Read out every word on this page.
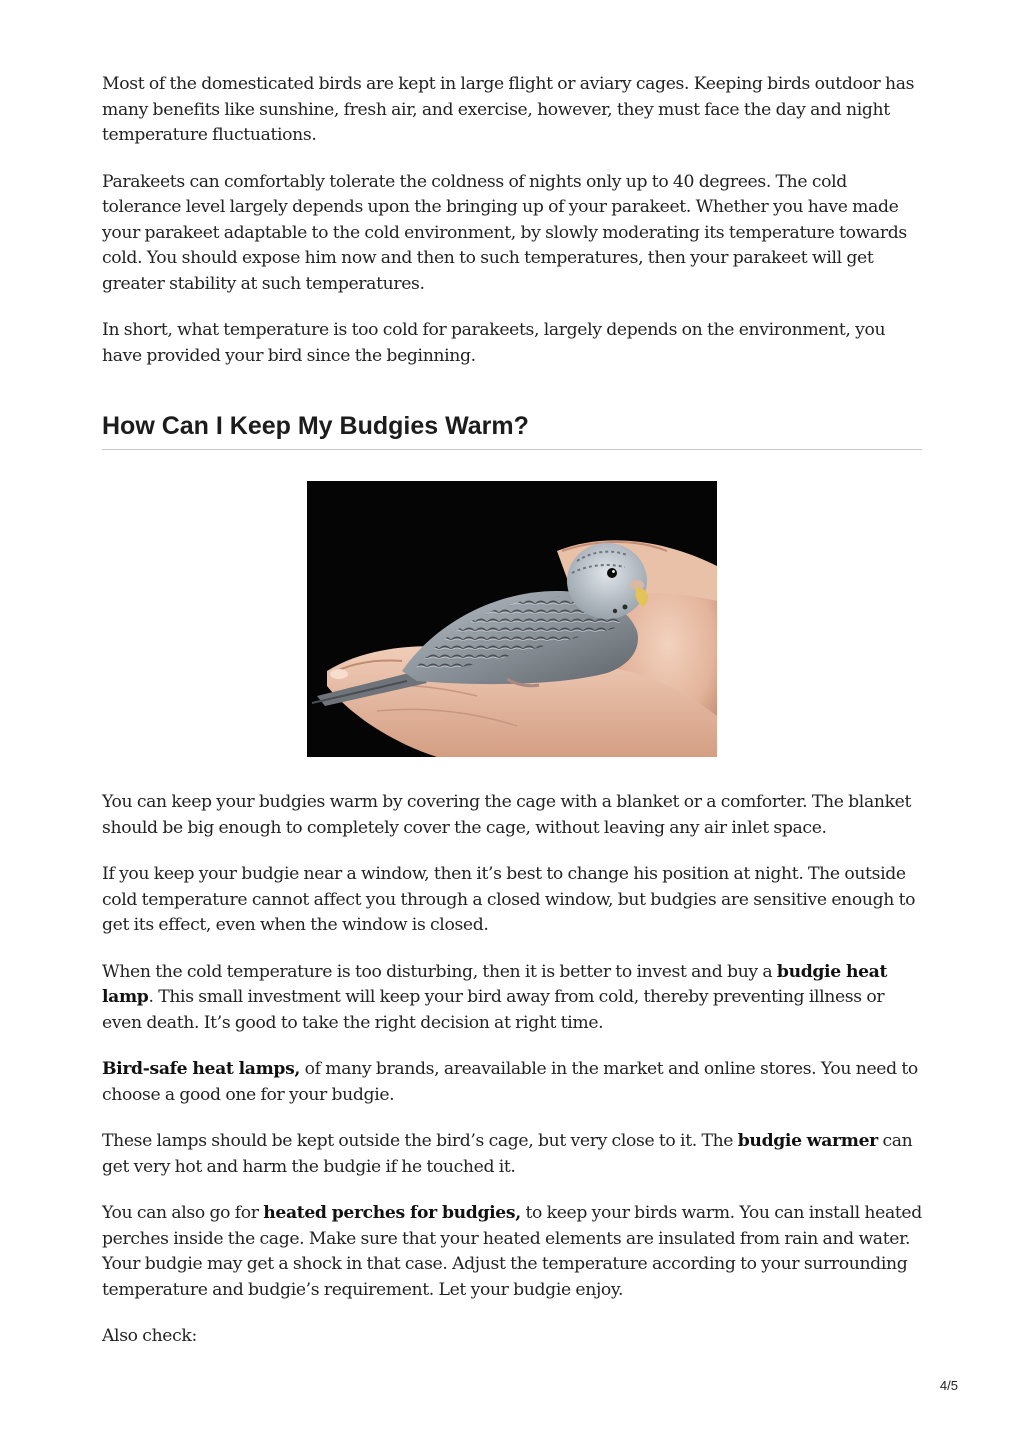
Most of the domesticated birds are kept in large flight or aviary cages. Keeping birds outdoor has many benefits like sunshine, fresh air, and exercise, however, they must face the day and night temperature fluctuations.

Parakeets can comfortably tolerate the coldness of nights only up to 40 degrees. The cold tolerance level largely depends upon the bringing up of your parakeet. Whether you have made your parakeet adaptable to the cold environment, by slowly moderating its temperature towards cold. You should expose him now and then to such temperatures, then your parakeet will get greater stability at such temperatures.

In short, what temperature is too cold for parakeets, largely depends on the environment, you have provided your bird since the beginning.

How Can I Keep My Budgies Warm?

You can keep your budgies warm by covering the cage with a blanket or a comforter. The blanket should be big enough to completely cover the cage, without leaving any air inlet space.

If you keep your budgie near a window, then it’s best to change his position at night. The outside cold temperature cannot affect you through a closed window, but budgies are sensitive enough to get its effect, even when the window is closed.

When the cold temperature is too disturbing, then it is better to invest and buy a budgie heat lamp. This small investment will keep your bird away from cold, thereby preventing illness or even death. It’s good to take the right decision at right time.

Bird-safe heat lamps, of many brands, areavailable in the market and online stores. You need to choose a good one for your budgie.

These lamps should be kept outside the bird’s cage, but very close to it. The budgie warmer can get very hot and harm the budgie if he touched it.

You can also go for heated perches for budgies, to keep your birds warm. You can install heated perches inside the cage. Make sure that your heated elements are insulated from rain and water. Your budgie may get a shock in that case. Adjust the temperature according to your surrounding temperature and budgie’s requirement. Let your budgie enjoy.

Also check:

4/5
